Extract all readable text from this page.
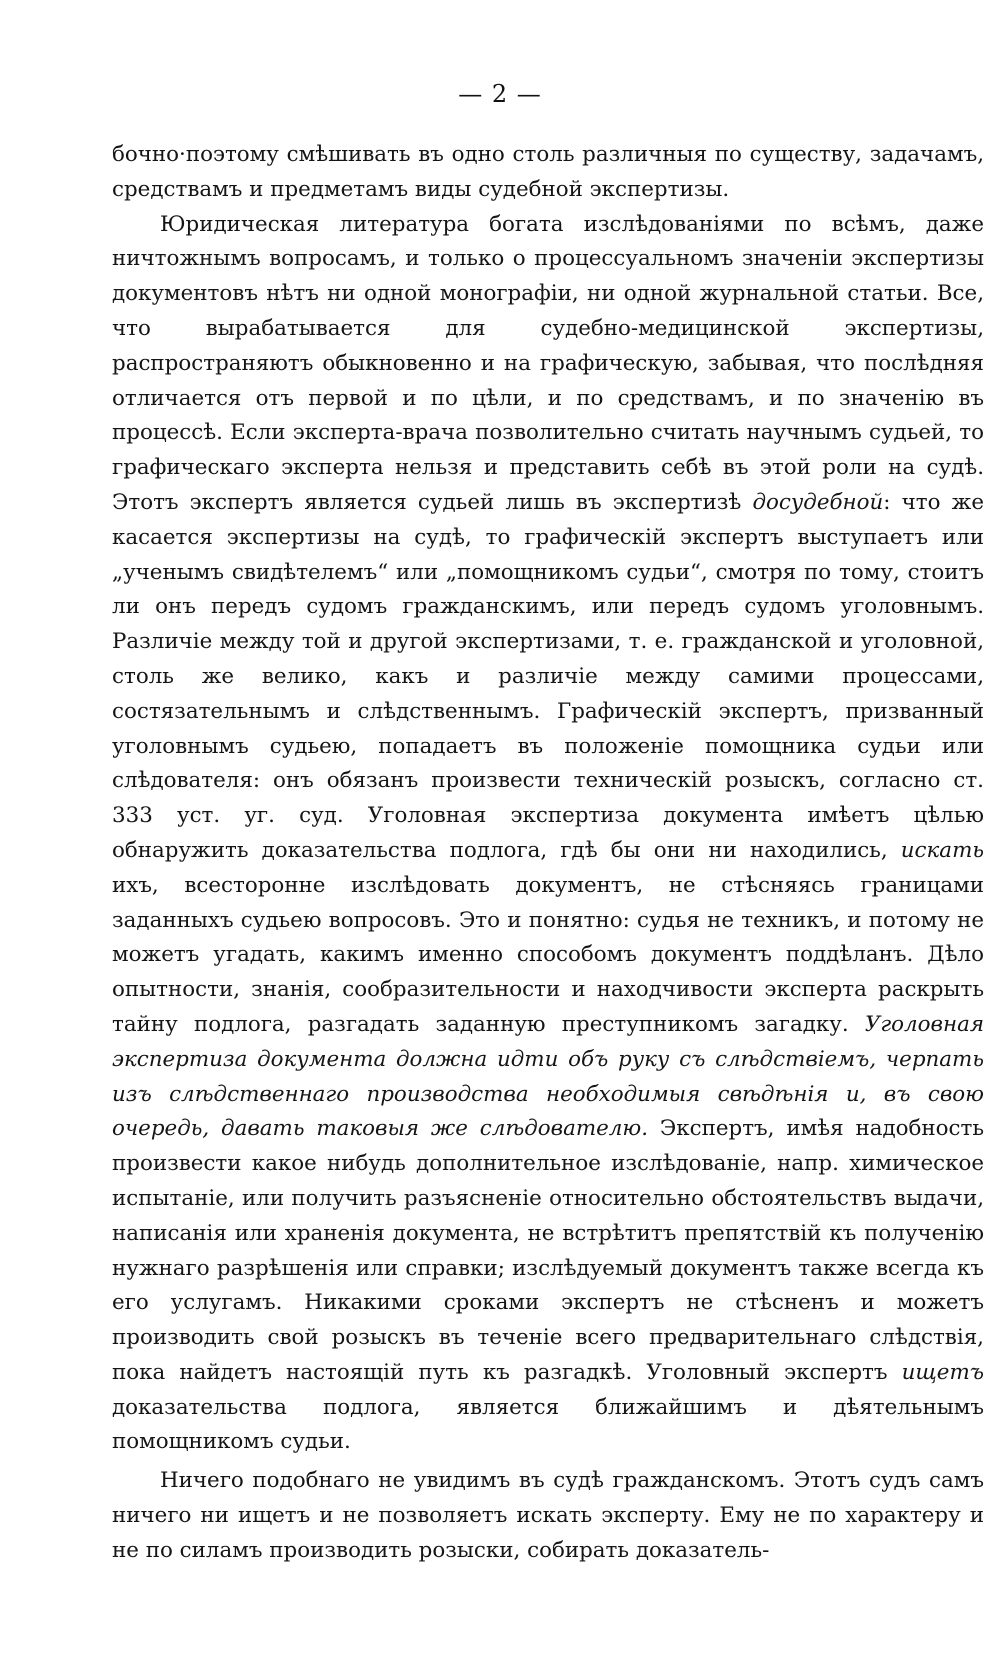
— 2 —

бочно·поэтому смѣшивать въ одно столь различныя по существу, задачамъ, средствамъ и предметамъ виды судебной экспертизы.

Юридическая литература богата изслѣдованіями по всѣмъ, даже ничтожнымъ вопросамъ, и только о процессуальномъ значеніи экспертизы документовъ нѣтъ ни одной монографіи, ни одной журнальной статьи. Все, что вырабатывается для судебно-медицинской экспертизы, распространяютъ обыкновенно и на графическую, забывая, что послѣдняя отличается отъ первой и по цѣли, и по средствамъ, и по значенію въ процессѣ. Если эксперта-врача позволительно считать научнымъ судьей, то графическаго эксперта нельзя и представить себѣ въ этой роли на судѣ. Этотъ экспертъ является судьей лишь въ экспертизѣ досудебной: что же касается экспертизы на судѣ, то графическій экспертъ выступаетъ или „ученымъ свидѣтелемъ“ или „помощникомъ судьи“, смотря по тому, стоитъ ли онъ передъ судомъ гражданскимъ, или передъ судомъ уголовнымъ. Различіе между той и другой экспертизами, т. е. гражданской и уголовной, столь же велико, какъ и различіе между самими процессами, состязательнымъ и слѣдственнымъ. Графическій экспертъ, призванный уголовнымъ судьею, попадаетъ въ положеніе помощника судьи или слѣдователя: онъ обязанъ произвести техническій розыскъ, согласно ст. 333 уст. уг. суд. Уголовная экспертиза документа имѣетъ цѣлью обнаружить доказательства подлога, гдѣ бы они ни находились, искать ихъ, всесторонне изслѣдовать документъ, не стѣсняясь границами заданныхъ судьею вопросовъ. Это и понятно: судья не техникъ, и потому не можетъ угадать, какимъ именно способомъ документъ поддѣланъ. Дѣло опытности, знанія, сообразительности и находчивости эксперта раскрыть тайну подлога, разгадать заданную преступникомъ загадку. Уголовная экспертиза документа должна идти объ руку съ слѣдствіемъ, черпать изъ слѣдственнаго производства необходимыя свѣдѣнія и, въ свою очередь, давать таковыя же слѣдователю. Экспертъ, имѣя надобность произвести какое нибудь дополнительное изслѣдованіе, напр. химическое испытаніе, или получить разъясненіе относительно обстоятельствъ выдачи, написанія или храненія документа, не встрѣтитъ препятствій къ полученію нужнаго разрѣшенія или справки; изслѣдуемый документъ также всегда къ его услугамъ. Никакими сроками экспертъ не стѣсненъ и можетъ производить свой розыскъ въ теченіе всего предварительнаго слѣдствія, пока найдетъ настоящій путь къ разгадкѣ. Уголовный экспертъ ищетъ доказательства подлога, является ближайшимъ и дѣятельнымъ помощникомъ судьи.

Ничего подобнаго не увидимъ въ судѣ гражданскомъ. Этотъ судъ самъ ничего ни ищетъ и не позволяетъ искать эксперту. Ему не по характеру и не по силамъ производить розыски, собирать доказатель-
